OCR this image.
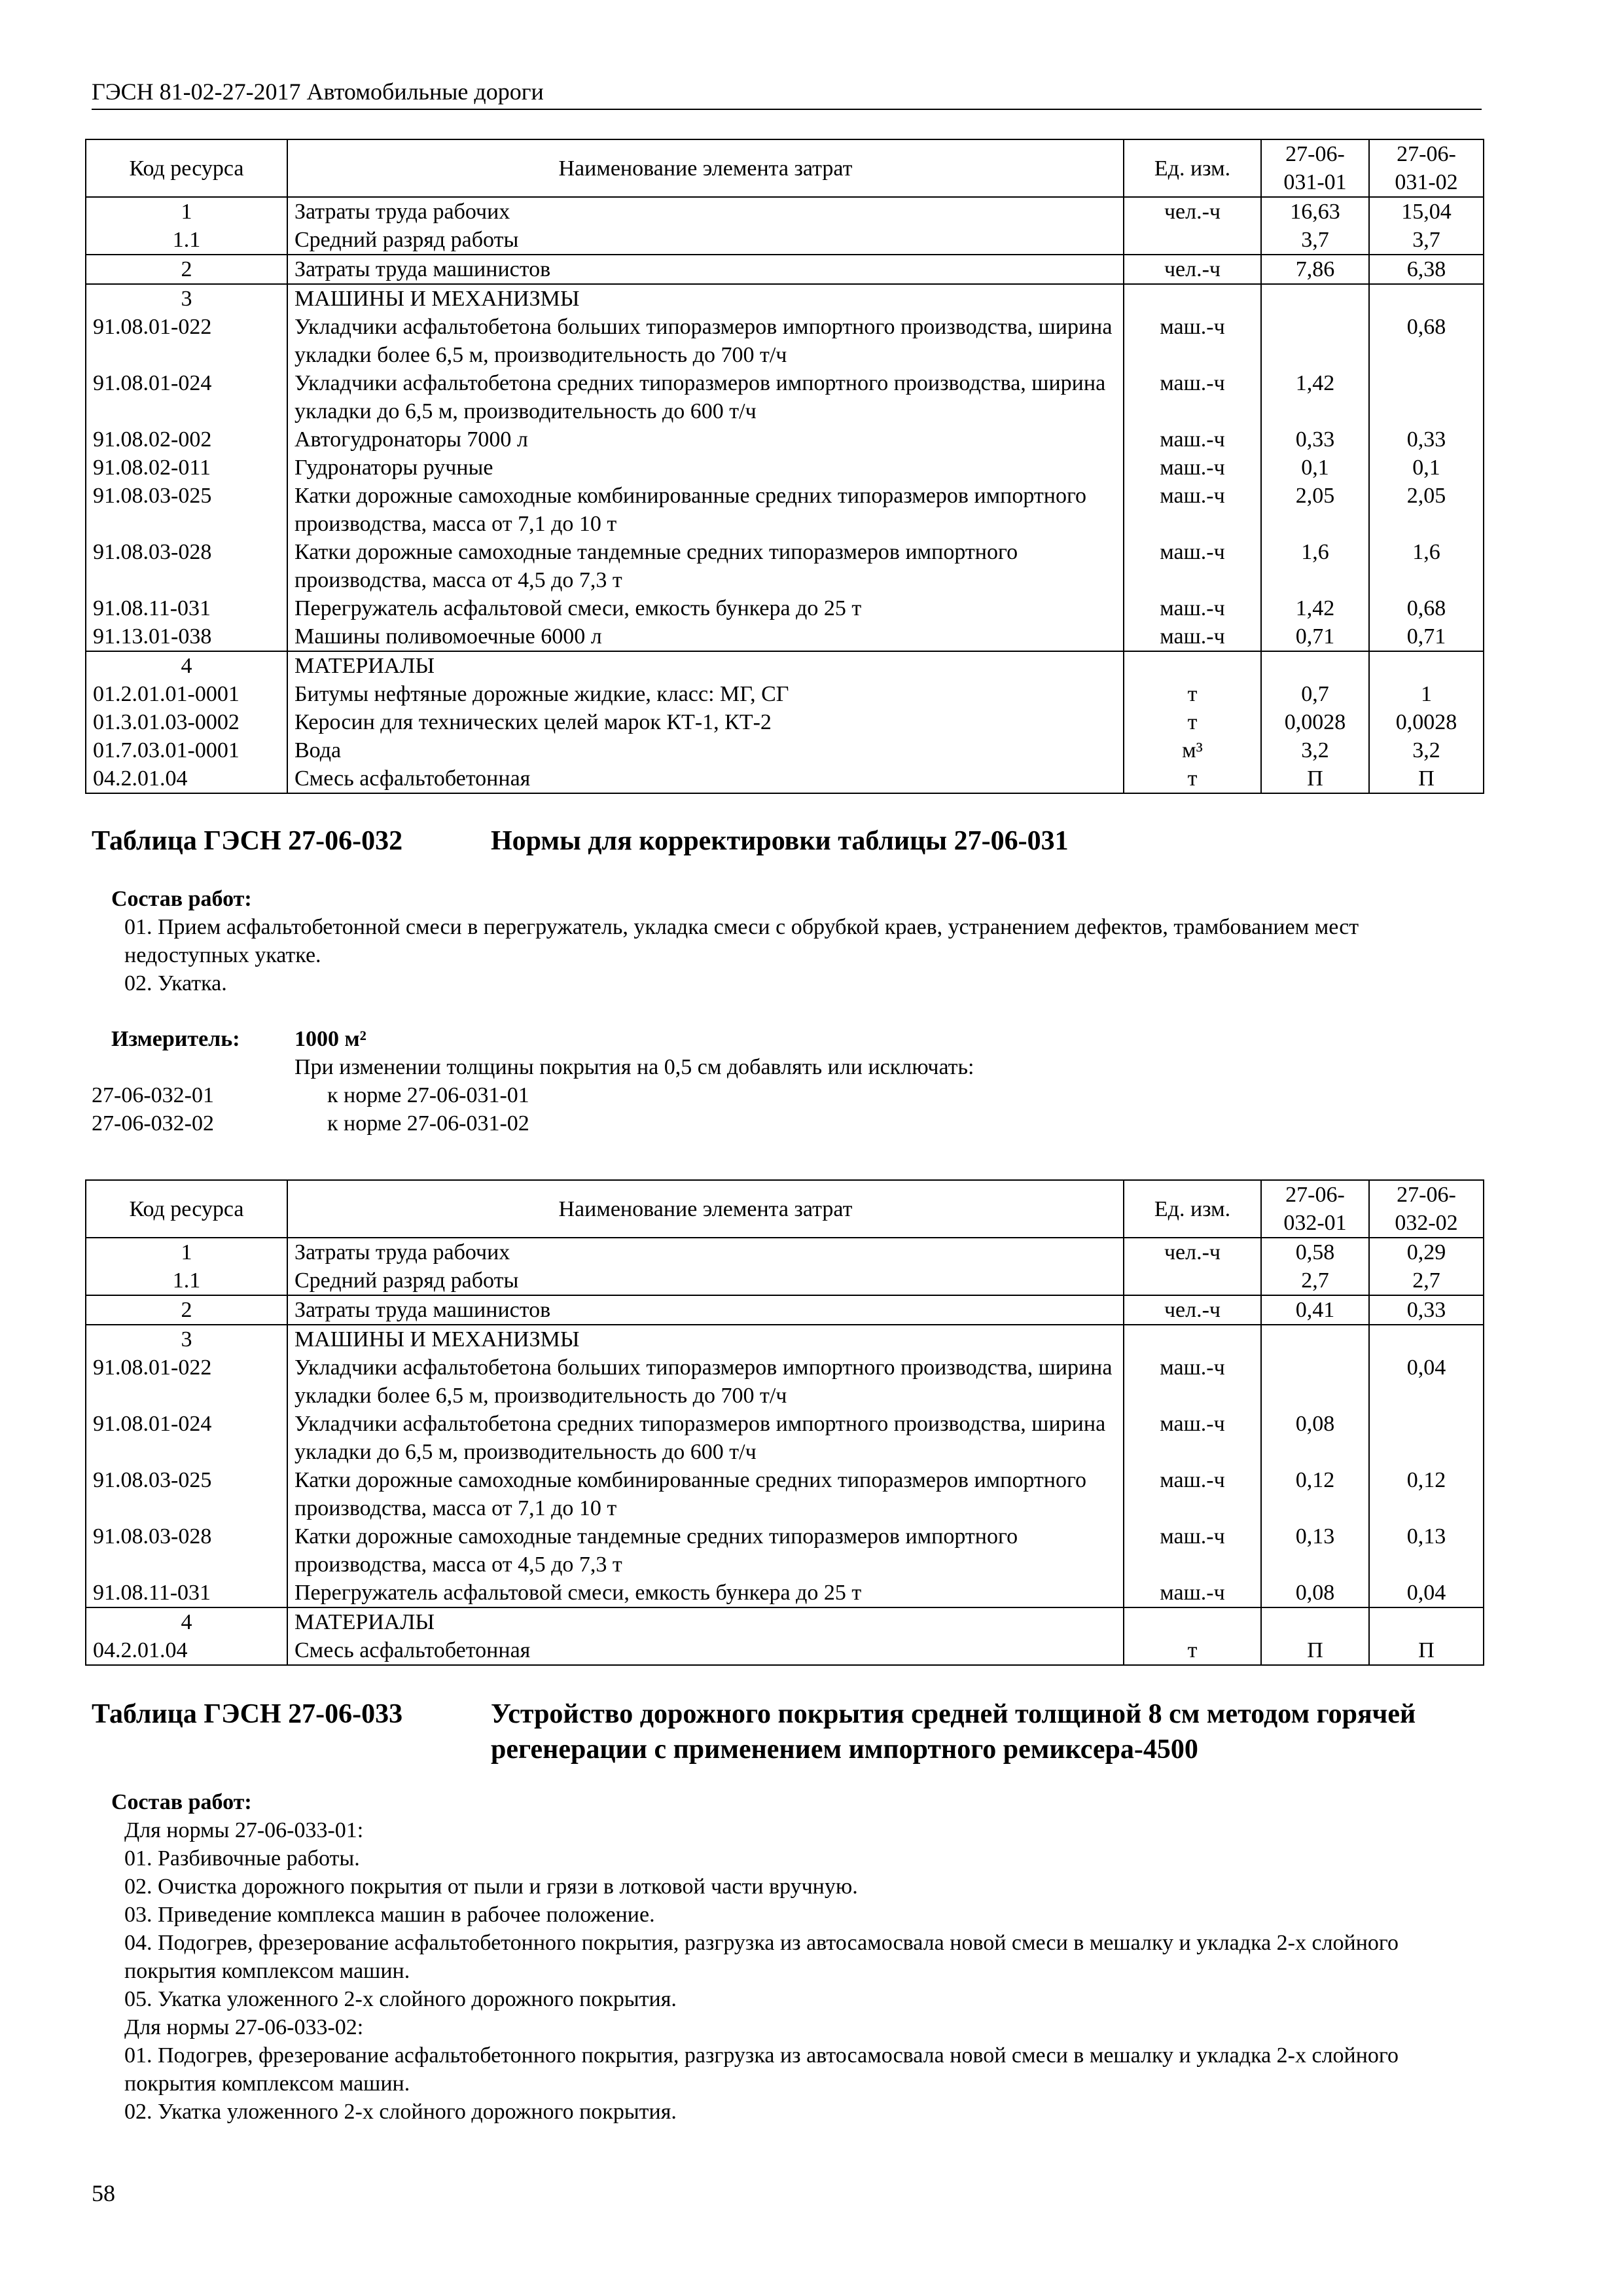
ГЭСН 81-02-27-2017 Автомобильные дороги
Код ресурса	Наименование элемента затрат	Ед. изм.	27-06-
031-01	27-06-
031-02
1	Затраты труда рабочих	чел.-ч	16,63	15,04
1.1	Средний разряд работы		3,7	3,7
2	Затраты труда машинистов	чел.-ч	7,86	6,38
3	МАШИНЫ И МЕХАНИЗМЫ			
91.08.01-022	Укладчики асфальтобетона больших типоразмеров импортного производства, ширина укладки более 6,5 м, производительность до 700 т/ч	маш.-ч		0,68
91.08.01-024	Укладчики асфальтобетона средних типоразмеров импортного производства, ширина укладки до 6,5 м, производительность до 600 т/ч	маш.-ч	1,42	
91.08.02-002	Автогудронаторы 7000 л	маш.-ч	0,33	0,33
91.08.02-011	Гудронаторы ручные	маш.-ч	0,1	0,1
91.08.03-025	Катки дорожные самоходные комбинированные средних типоразмеров импортного производства, масса от 7,1 до 10 т	маш.-ч	2,05	2,05
91.08.03-028	Катки дорожные самоходные тандемные средних типоразмеров импортного производства, масса от 4,5 до 7,3 т	маш.-ч	1,6	1,6
91.08.11-031	Перегружатель асфальтовой смеси, емкость бункера до 25 т	маш.-ч	1,42	0,68
91.13.01-038	Машины поливомоечные 6000 л	маш.-ч	0,71	0,71
4	МАТЕРИАЛЫ			
01.2.01.01-0001	Битумы нефтяные дорожные жидкие, класс: МГ, СГ	т	0,7	1
01.3.01.03-0002	Керосин для технических целей марок КТ-1, КТ-2	т	0,0028	0,0028
01.7.03.01-0001	Вода	м³	3,2	3,2
04.2.01.04	Смесь асфальтобетонная	т	П	П
Таблица ГЭСН 27-06-032	Нормы для корректировки таблицы 27-06-031
Состав работ:
01. Прием асфальтобетонной смеси в перегружатель, укладка смеси с обрубкой краев, устранением дефектов, трамбованием мест недоступных укатке.
02. Укатка.
Измеритель: 1000 м²
При изменении толщины покрытия на 0,5 см добавлять или исключать:
27-06-032-01	к норме 27-06-031-01
27-06-032-02	к норме 27-06-031-02
Код ресурса	Наименование элемента затрат	Ед. изм.	27-06-
032-01	27-06-
032-02
1	Затраты труда рабочих	чел.-ч	0,58	0,29
1.1	Средний разряд работы		2,7	2,7
2	Затраты труда машинистов	чел.-ч	0,41	0,33
3	МАШИНЫ И МЕХАНИЗМЫ			
91.08.01-022	Укладчики асфальтобетона больших типоразмеров импортного производства, ширина укладки более 6,5 м, производительность до 700 т/ч	маш.-ч		0,04
91.08.01-024	Укладчики асфальтобетона средних типоразмеров импортного производства, ширина укладки до 6,5 м, производительность до 600 т/ч	маш.-ч	0,08	
91.08.03-025	Катки дорожные самоходные комбинированные средних типоразмеров импортного производства, масса от 7,1 до 10 т	маш.-ч	0,12	0,12
91.08.03-028	Катки дорожные самоходные тандемные средних типоразмеров импортного производства, масса от 4,5 до 7,3 т	маш.-ч	0,13	0,13
91.08.11-031	Перегружатель асфальтовой смеси, емкость бункера до 25 т	маш.-ч	0,08	0,04
4	МАТЕРИАЛЫ			
04.2.01.04	Смесь асфальтобетонная	т	П	П
Таблица ГЭСН 27-06-033	Устройство дорожного покрытия средней толщиной 8 см методом горячей регенерации с применением импортного ремиксера-4500
Состав работ:
Для нормы 27-06-033-01:
01. Разбивочные работы.
02. Очистка дорожного покрытия от пыли и грязи в лотковой части вручную.
03. Приведение комплекса машин в рабочее положение.
04. Подогрев, фрезерование асфальтобетонного покрытия, разгрузка из автосамосвала новой смеси в мешалку и укладка 2-х слойного покрытия комплексом машин.
05. Укатка уложенного 2-х слойного дорожного покрытия.
Для нормы 27-06-033-02:
01. Подогрев, фрезерование асфальтобетонного покрытия, разгрузка из автосамосвала новой смеси в мешалку и укладка 2-х слойного покрытия комплексом машин.
02. Укатка уложенного 2-х слойного дорожного покрытия.
58
